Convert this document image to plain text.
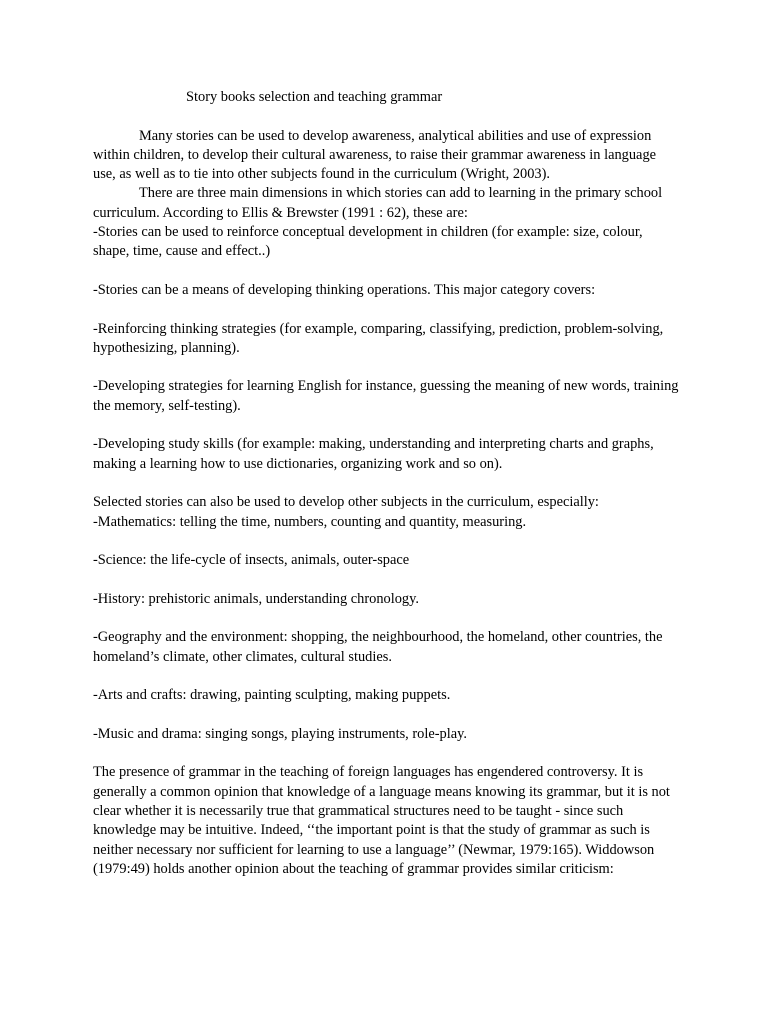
Story books selection and teaching grammar

Many stories can be used to develop awareness, analytical abilities and use of expression within children, to develop their cultural awareness, to raise their grammar awareness in language use, as well as to tie into other subjects found in the curriculum (Wright, 2003).

There are three main dimensions in which stories can add to learning in the primary school curriculum. According to Ellis & Brewster (1991 : 62), these are:

-Stories can be used to reinforce conceptual development in children (for example: size, colour, shape, time, cause and effect..)

-Stories can be a means of developing thinking operations. This major category covers:

-Reinforcing thinking strategies (for example, comparing, classifying, prediction, problem-solving, hypothesizing, planning).

-Developing strategies for learning English for instance, guessing the meaning of new words, training the memory, self-testing).

-Developing study skills (for example: making, understanding and interpreting charts and graphs, making a learning how to use dictionaries, organizing work and so on).

Selected stories can also be used to develop other subjects in the curriculum, especially:

-Mathematics: telling the time, numbers, counting and quantity, measuring.

-Science: the life-cycle of insects, animals, outer-space

-History: prehistoric animals, understanding chronology.

-Geography and the environment: shopping, the neighbourhood, the homeland, other countries, the homeland’s climate, other climates, cultural studies.

-Arts and crafts: drawing, painting sculpting, making puppets.

-Music and drama: singing songs, playing instruments, role-play.

The presence of grammar in the teaching of foreign languages has engendered controversy. It is generally a common opinion that knowledge of a language means knowing its grammar, but it is not clear whether it is necessarily true that grammatical structures need to be taught - since such knowledge may be intuitive. Indeed, ‘‘the important point is that the study of grammar as such is neither necessary nor sufficient for learning to use a language’’ (Newmar, 1979:165). Widdowson (1979:49) holds another opinion about the teaching of grammar provides similar criticism:
